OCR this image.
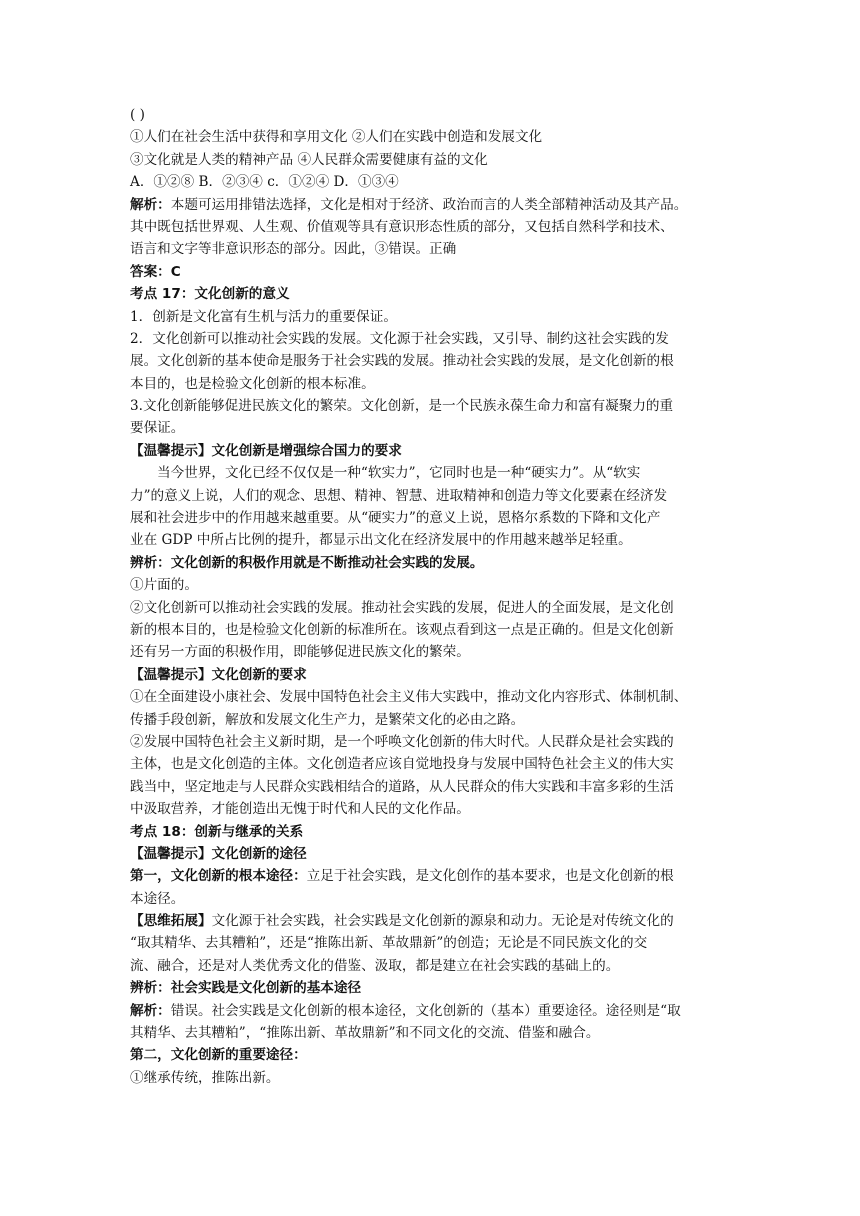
( )
①人们在社会生活中获得和享用文化 ②人们在实践中创造和发展文化
③文化就是人类的精神产品 ④人民群众需要健康有益的文化
A．①②⑧ B．②③④ c．①②④ D．①③④
解析：本题可运用排错法选择，文化是相对于经济、政治而言的人类全部精神活动及其产品。
其中既包括世界观、人生观、价值观等具有意识形态性质的部分，又包括自然科学和技术、
语言和文字等非意识形态的部分。因此，③错误。正确
答案：C
考点 17：文化创新的意义
1．创新是文化富有生机与活力的重要保证。
2．文化创新可以推动社会实践的发展。文化源于社会实践，又引导、制约这社会实践的发
展。文化创新的基本使命是服务于社会实践的发展。推动社会实践的发展，是文化创新的根
本目的，也是检验文化创新的根本标准。
3.文化创新能够促进民族文化的繁荣。文化创新，是一个民族永葆生命力和富有凝聚力的重
要保证。
【温馨提示】文化创新是增强综合国力的要求
当今世界，文化已经不仅仅是一种“软实力”，它同时也是一种“硬实力”。从“软实
力”的意义上说，人们的观念、思想、精神、智慧、进取精神和创造力等文化要素在经济发
展和社会进步中的作用越来越重要。从“硬实力”的意义上说，恩格尔系数的下降和文化产
业在 GDP 中所占比例的提升，都显示出文化在经济发展中的作用越来越举足轻重。
辨析：文化创新的积极作用就是不断推动社会实践的发展。
①片面的。
②文化创新可以推动社会实践的发展。推动社会实践的发展，促进人的全面发展，是文化创
新的根本目的，也是检验文化创新的标准所在。该观点看到这一点是正确的。但是文化创新
还有另一方面的积极作用，即能够促进民族文化的繁荣。
【温馨提示】文化创新的要求
①在全面建设小康社会、发展中国特色社会主义伟大实践中，推动文化内容形式、体制机制、
传播手段创新，解放和发展文化生产力，是繁荣文化的必由之路。
②发展中国特色社会主义新时期，是一个呼唤文化创新的伟大时代。人民群众是社会实践的
主体，也是文化创造的主体。文化创造者应该自觉地投身与发展中国特色社会主义的伟大实
践当中，坚定地走与人民群众实践相结合的道路，从人民群众的伟大实践和丰富多彩的生活
中汲取营养，才能创造出无愧于时代和人民的文化作品。
考点 18：创新与继承的关系
【温馨提示】文化创新的途径
第一，文化创新的根本途径：立足于社会实践，是文化创作的基本要求，也是文化创新的根
本途径。
【思维拓展】文化源于社会实践，社会实践是文化创新的源泉和动力。无论是对传统文化的
“取其精华、去其糟粕”，还是“推陈出新、革故鼎新”的创造；无论是不同民族文化的交
流、融合，还是对人类优秀文化的借鉴、汲取，都是建立在社会实践的基础上的。
辨析：社会实践是文化创新的基本途径
解析：错误。社会实践是文化创新的根本途径，文化创新的（基本）重要途径。途径则是“取
其精华、去其糟粕”，“推陈出新、革故鼎新”和不同文化的交流、借鉴和融合。
第二，文化创新的重要途径：
①继承传统，推陈出新。
